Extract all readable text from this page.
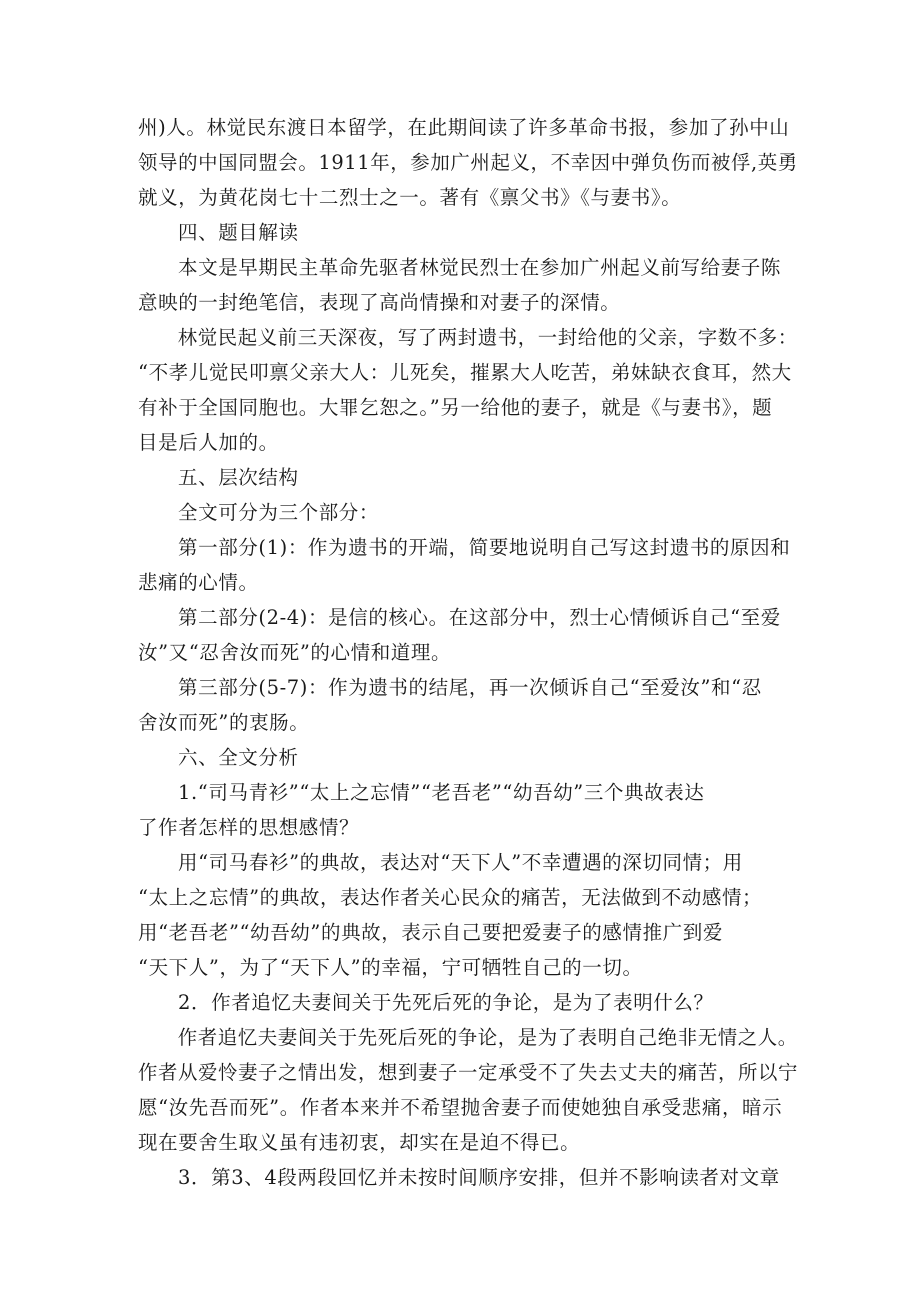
州)人。林觉民东渡日本留学，在此期间读了许多革命书报，参加了孙中山

领导的中国同盟会。1911年，参加广州起义，不幸因中弹负伤而被俘,英勇

就义，为黄花岗七十二烈士之一。著有《禀父书》《与妻书》。

四、题目解读

本文是早期民主革命先驱者林觉民烈士在参加广州起义前写给妻子陈

意映的一封绝笔信，表现了高尚情操和对妻子的深情。

林觉民起义前三天深夜，写了两封遗书，一封给他的父亲，字数不多：

“不孝儿觉民叩禀父亲大人：儿死矣，摧累大人吃苦，弟妹缺衣食耳，然大

有补于全国同胞也。大罪乞恕之。”另一给他的妻子，就是《与妻书》，题

目是后人加的。

五、层次结构

全文可分为三个部分：

第一部分(1)：作为遗书的开端，简要地说明自己写这封遗书的原因和

悲痛的心情。

第二部分(2-4)：是信的核心。在这部分中，烈士心情倾诉自己“至爱

汝”又“忍舍汝而死”的心情和道理。

第三部分(5-7)：作为遗书的结尾，再一次倾诉自己“至爱汝”和“忍

舍汝而死”的衷肠。

六、全文分析

1.“司马青衫”“太上之忘情”“老吾老”“幼吾幼”三个典故表达

了作者怎样的思想感情？

用“司马春衫”的典故，表达对“天下人”不幸遭遇的深切同情；用

“太上之忘情”的典故，表达作者关心民众的痛苦，无法做到不动感情；

用“老吾老”“幼吾幼”的典故，表示自己要把爱妻子的感情推广到爱

“天下人”，为了“天下人”的幸福，宁可牺牲自己的一切。

2．作者追忆夫妻间关于先死后死的争论，是为了表明什么？

作者追忆夫妻间关于先死后死的争论，是为了表明自己绝非无情之人。

作者从爱怜妻子之情出发，想到妻子一定承受不了失去丈夫的痛苦，所以宁

愿“汝先吾而死”。作者本来并不希望抛舍妻子而使她独自承受悲痛，暗示

现在要舍生取义虽有违初衷，却实在是迫不得已。

3．第3、4段两段回忆并未按时间顺序安排，但并不影响读者对文章
